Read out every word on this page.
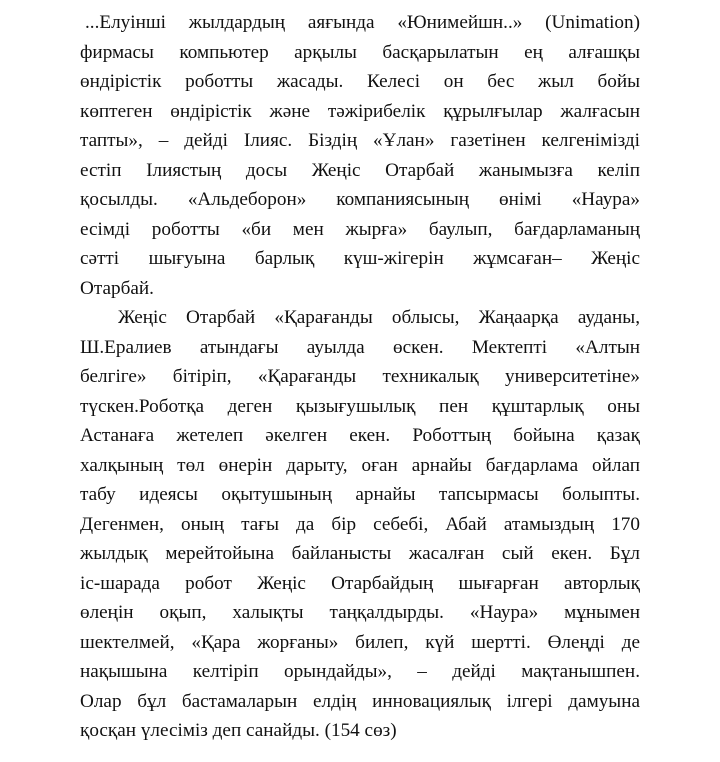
...Елуінші жылдардың аяғында «Юнимейшн..» (Unimation)
фирмасы компьютер арқылы басқарылатын ең алғашқы
өндірістік роботты жасады. Келесі он бес жыл бойы
көптеген өндірістік және тәжірибелік құрылғылар жалғасын
тапты», – дейді Ілияс. Біздің «Ұлан» газетінен келгенімізді
естіп Ілиястың досы Жеңіс Отарбай жанымызға келіп
қосылды. «Альдеборон» компаниясының өнімі «Наура»
есімді роботты «би мен жырға» баулып, бағдарламаның
сәтті шығуына барлық күш-жігерін жұмсаған– Жеңіс
Отарбай.
Жеңіс Отарбай «Қарағанды облысы, Жаңаарқа ауданы,
Ш.Ералиев атындағы ауылда өскен. Мектепті «Алтын
белгіге» бітіріп, «Қарағанды техникалық университетіне»
түскен.Роботқа деген қызығушылық пен құштарлық оны
Астанаға жетелеп әкелген екен. Роботтың бойына қазақ
халқының төл өнерін дарыту, оған арнайы бағдарлама ойлап
табу идеясы оқытушының арнайы тапсырмасы болыпты.
Дегенмен, оның тағы да бір себебі, Абай атамыздың 170
жылдық мерейтойына байланысты жасалған сый екен. Бұл
іс-шарада робот Жеңіс Отарбайдың шығарған авторлық
өлеңін оқып, халықты таңқалдырды. «Наура» мұнымен
шектелмей, «Қара жорғаны» билеп, күй шертті. Өлеңді де
нақышына келтіріп орындайды», – дейді мақтанышпен.
Олар бұл бастамаларын елдің инновациялық ілгері дамуына
қосқан үлесіміз деп санайды. (154 сөз)
